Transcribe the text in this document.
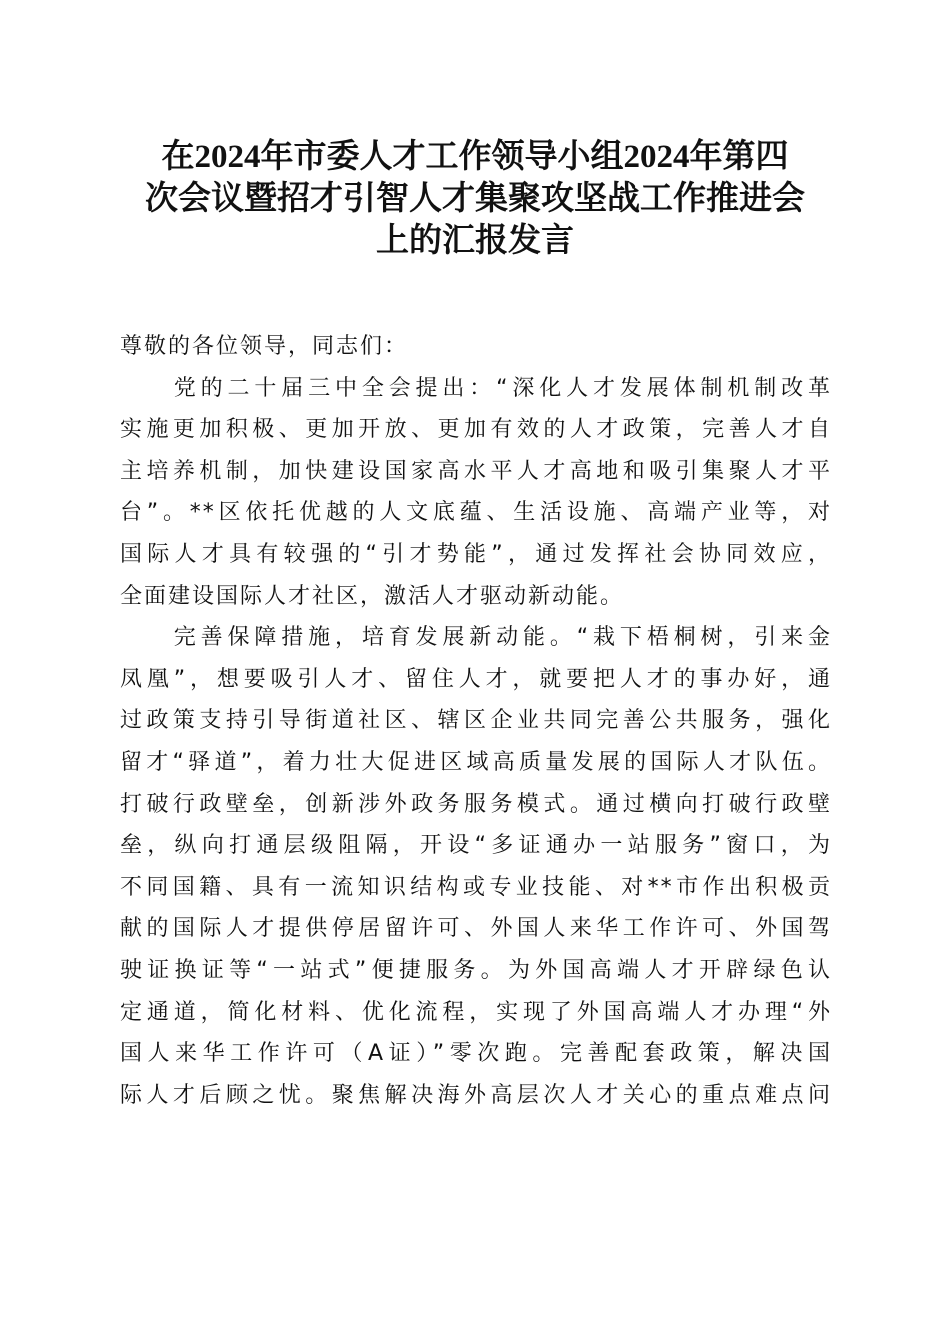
在2024年市委人才工作领导小组2024年第四
次会议暨招才引智人才集聚攻坚战工作推进会
上的汇报发言
尊敬的各位领导，同志们：
　　党的二十届三中全会提出：“深化人才发展体制机制改革
实施更加积极、更加开放、更加有效的人才政策，完善人才自
主培养机制，加快建设国家高水平人才高地和吸引集聚人才平
台”。**区依托优越的人文底蕴、生活设施、高端产业等，对
国际人才具有较强的“引才势能”，通过发挥社会协同效应，
全面建设国际人才社区，激活人才驱动新动能。
　　完善保障措施，培育发展新动能。“栽下梧桐树，引来金
凤凰”，想要吸引人才、留住人才，就要把人才的事办好，通
过政策支持引导街道社区、辖区企业共同完善公共服务，强化
留才“驿道”，着力壮大促进区域高质量发展的国际人才队伍。
打破行政壁垒，创新涉外政务服务模式。通过横向打破行政壁
垒，纵向打通层级阻隔，开设“多证通办一站服务”窗口，为
不同国籍、具有一流知识结构或专业技能、对**市作出积极贡
献的国际人才提供停居留许可、外国人来华工作许可、外国驾
驶证换证等“一站式”便捷服务。为外国高端人才开辟绿色认
定通道，简化材料、优化流程，实现了外国高端人才办理“外
国人来华工作许可（A证）”零次跑。完善配套政策，解决国
际人才后顾之忧。聚焦解决海外高层次人才关心的重点难点问
